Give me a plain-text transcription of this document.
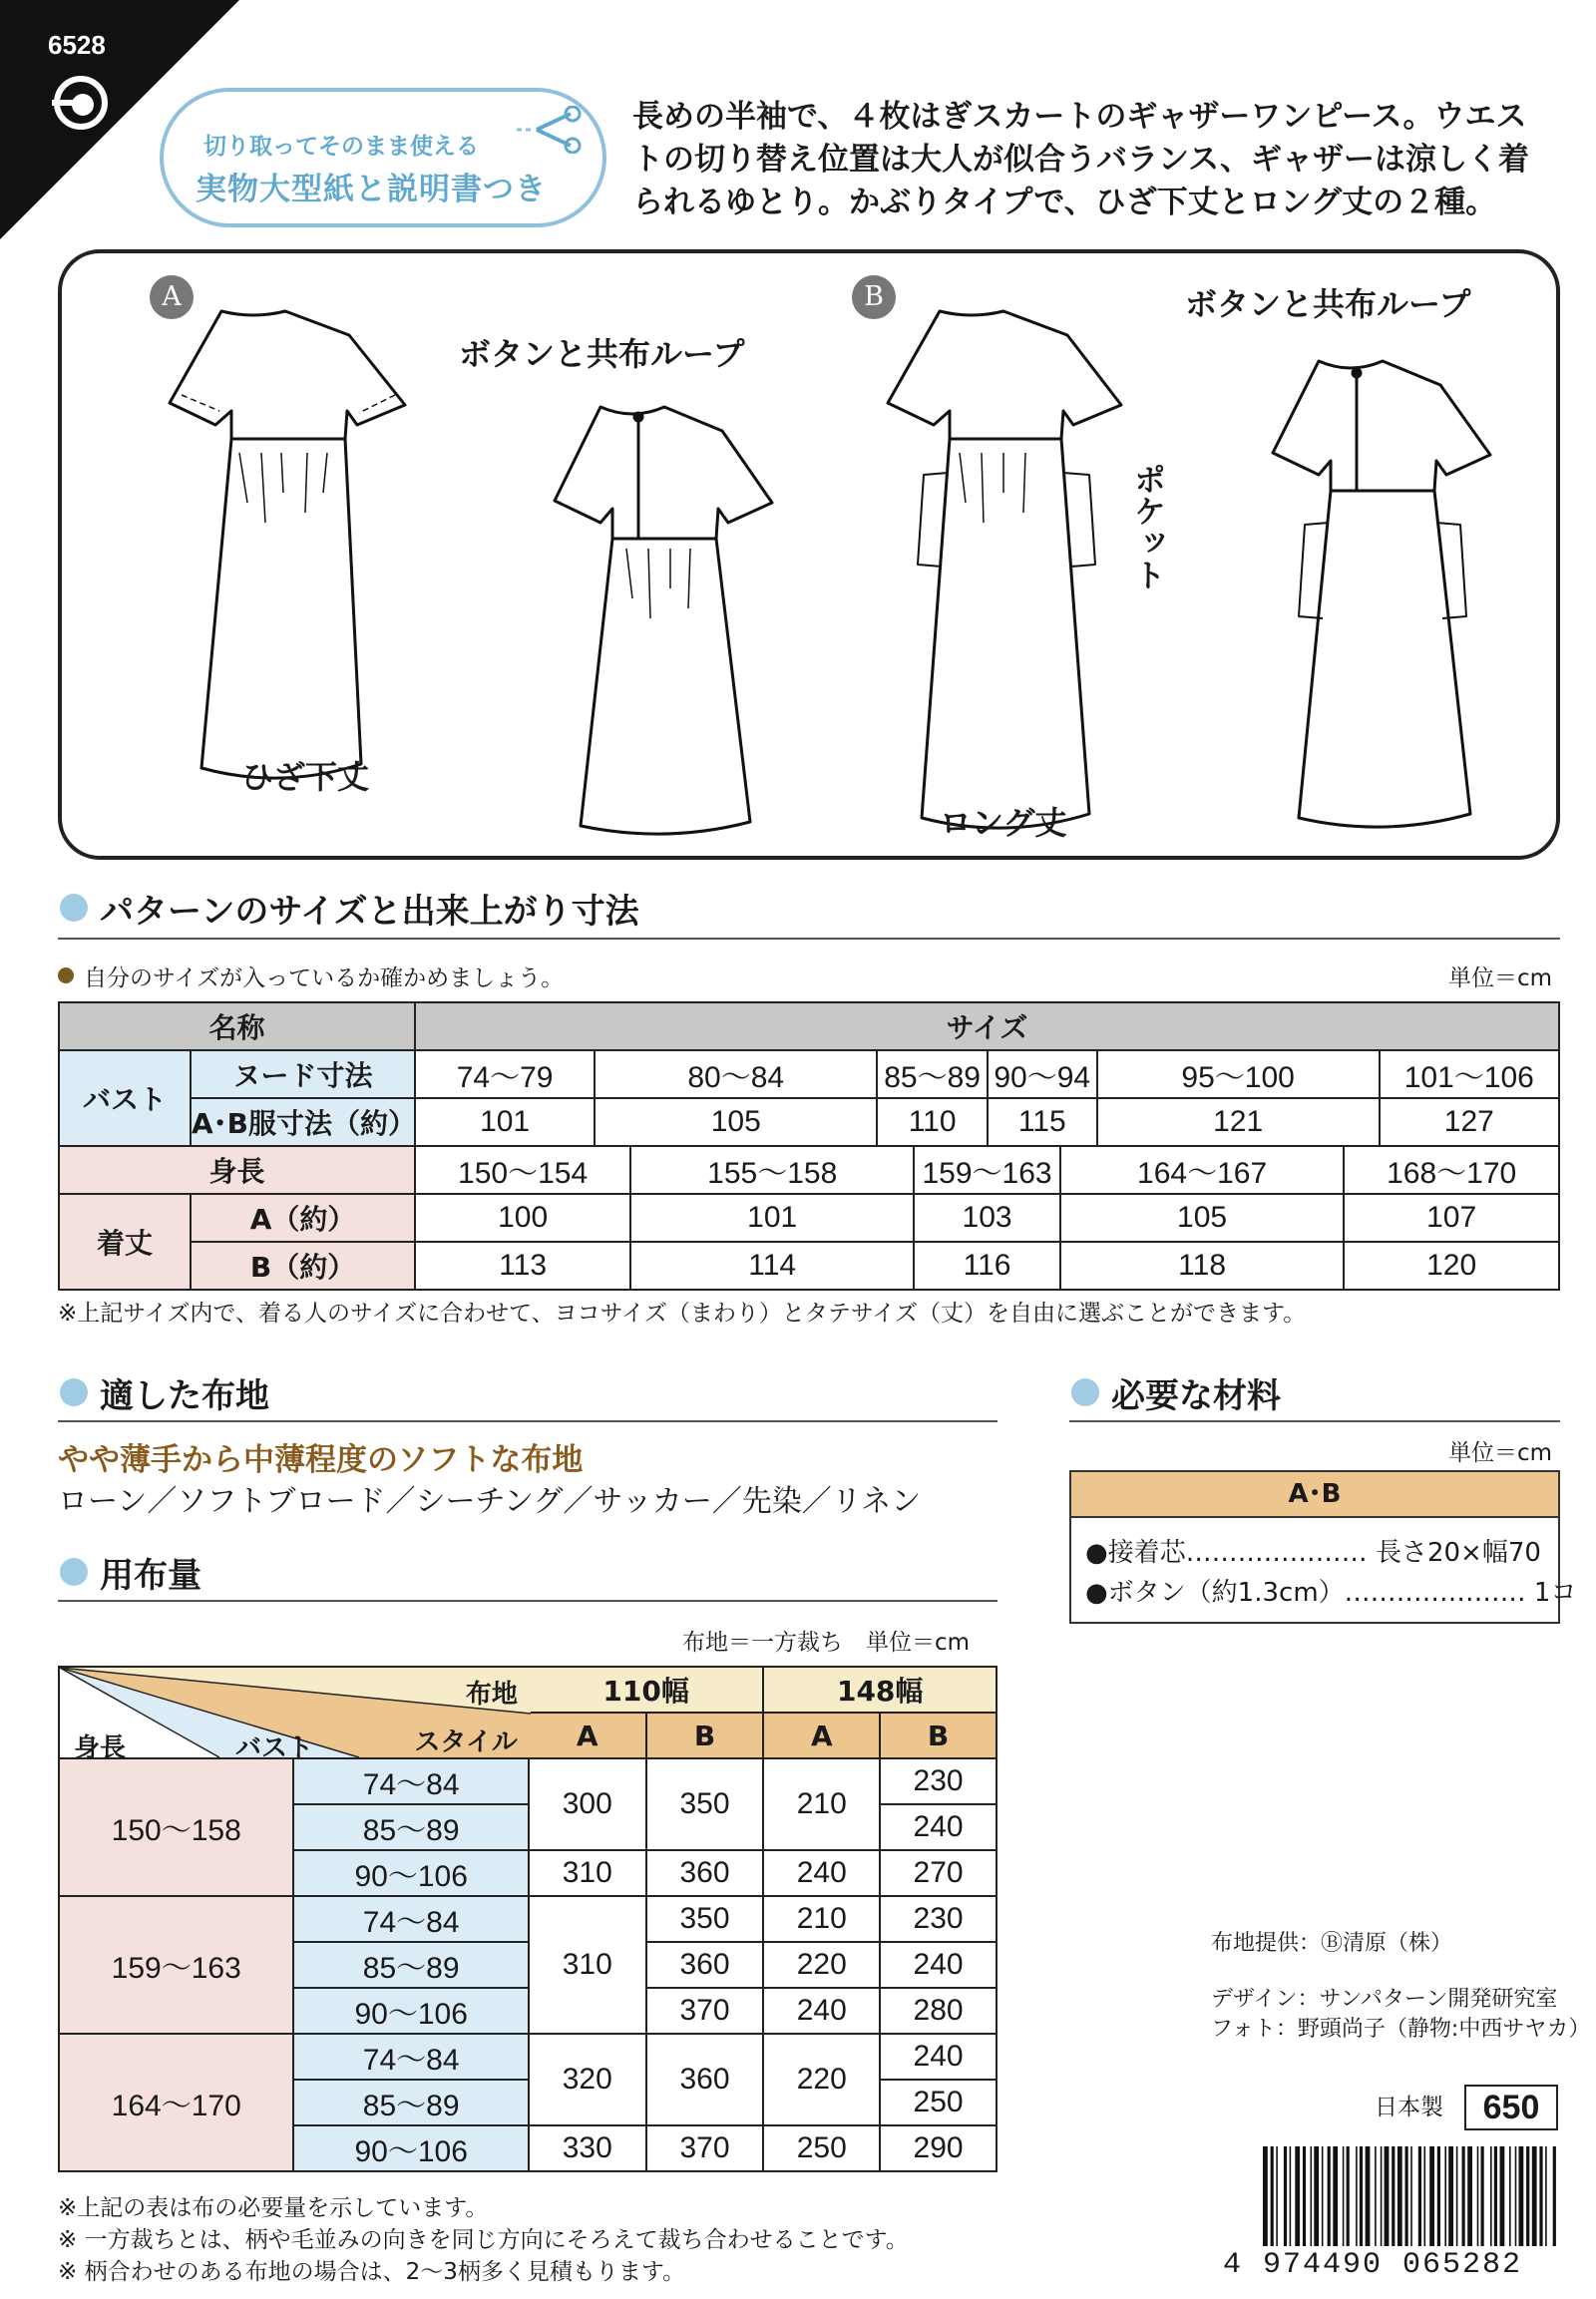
6528
切り取ってそのまま使える
実物大型紙と説明書つき
長めの半袖で、４枚はぎスカートのギャザーワンピース。ウエス
トの切り替え位置は大人が似合うバランス、ギャザーは涼しく着
られるゆとり。かぶりタイプで、ひざ下丈とロング丈の２種。
A	B
ボタンと共布ループ
ボタンと共布ループ
ひざ下丈
ロング丈
ポケット
パターンのサイズと出来上がり寸法
自分のサイズが入っているか確かめましょう。	単位＝cm
名称		サイズ									
バスト	ヌード寸法	74〜79	80〜84		85〜89		90〜94		95〜100		101〜106
	A･B服寸法（約）	101	105		110		115		121		127
身長		150〜154		155〜158		159〜163		164〜167		168〜170	
着丈	A（約）	100		101		103		105		107	
	B（約）	113		114		116		118		120	
※上記サイズ内で、着る人のサイズに合わせて、ヨコサイズ（まわり）とタテサイズ（丈）を自由に選ぶことができます。
適した布地
やや薄手から中薄程度のソフトな布地
ローン／ソフトブロード／シーチング／サッカー／先染／リネン
用布量
布地＝一方裁ち　単位＝cm
布地
スタイル
バスト
身長		110幅		148幅	
		A	B	A	B
150〜158	74〜84	300	350	210	230
	85〜89				240
	90〜106	310	360	240	270
159〜163	74〜84	310	350	210	230
	85〜89		360	220	240
	90〜106		370	240	280
164〜170	74〜84	320	360	220	240
	85〜89				250
	90〜106	330	370	250	290
※上記の表は布の必要量を示しています。
※ 一方裁ちとは、柄や毛並みの向きを同じ方向にそろえて裁ち合わせることです。
※ 柄合わせのある布地の場合は、2〜3柄多く見積もります。
必要な材料
単位＝cm
A･B
●接着芯………………… 長さ20×幅70
●ボタン（約1.3cm）………………… 1コ
布地提供：Ⓑ清原（株）
デザイン：サンパターン開発研究室
フォト：野頭尚子（静物:中西サヤカ）
日本製	650
4 974490 065282
